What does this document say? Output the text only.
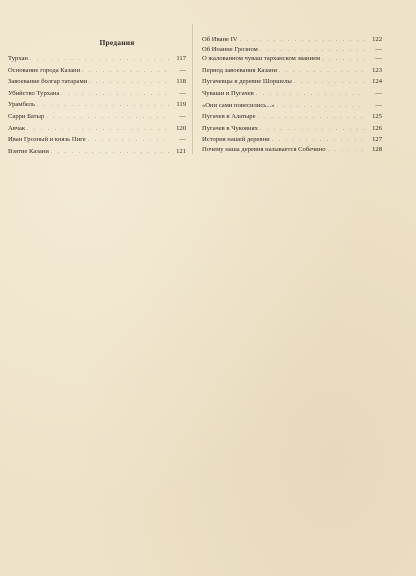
Предания
Турхан . . .	117
Основание города Казани . . .	—
Завоевание болгар татарами . . .	118
Убийство Турхана . . .	—
Урамбель . . .	119
Сарри Батыр . . .	—
Авчак . . .	120
Иван Грозный и князь Пиге . . .	—
Взятие Казани . . .	121
Об Иване IV . . .	122
Об Иоанне Грозном . . .	—
О жалованном чуваш тарханском званием . . .	—
Период завоевания Казани . . .	123
Пугачевцы в деревне Шоршелы . . .	124
Чуваши и Пугачев . . .	—
«Они сами повесились...» . . .	—
Пугачев в Алатыре . . .	125
Пугачев в Чуковнях . . .	126
История нашей деревни . . .	127
Почему наша деревня называется Собечино . . .	128
